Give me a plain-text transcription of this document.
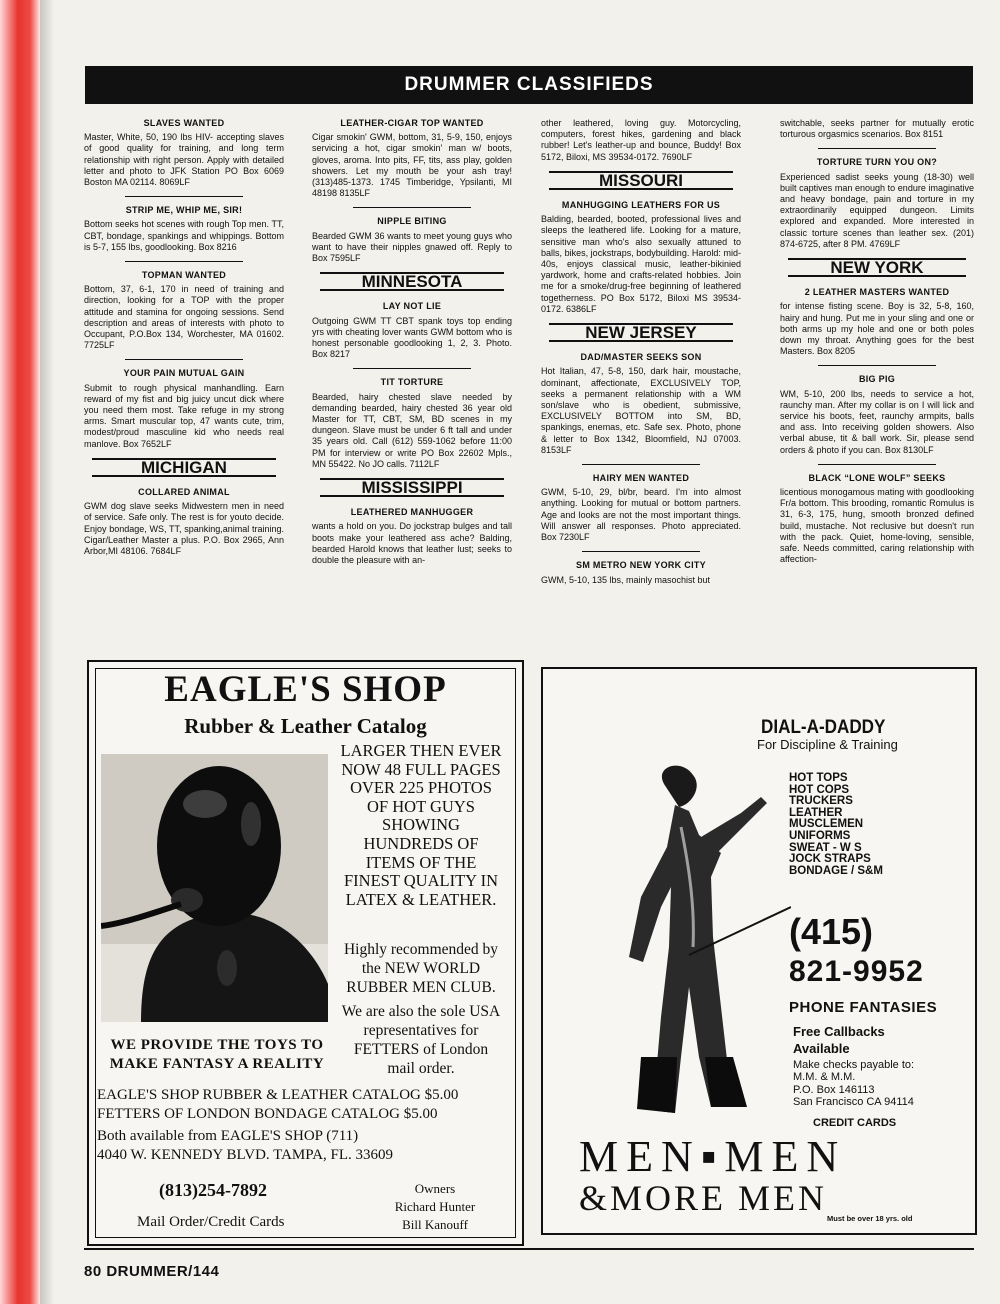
DRUMMER CLASSIFIEDS
SLAVES WANTED

Master, White, 50, 190 lbs HIV- accepting slaves of good quality for training, and long term relationship with right person. Apply with detailed letter and photo to JFK Station PO Box 6069 Boston MA 02114. 8069LF

STRIP ME, WHIP ME, SIR!

Bottom seeks hot scenes with rough Top men. TT, CBT, bondage, spankings and whippings. Bottom is 5-7, 155 lbs, goodlooking. Box 8216

TOPMAN WANTED

Bottom, 37, 6-1, 170 in need of training and direction, looking for a TOP with the proper attitude and stamina for ongoing sessions. Send description and areas of interests with photo to Occupant, P.O.Box 134, Worchester, MA 01602. 7725LF

YOUR PAIN MUTUAL GAIN

Submit to rough physical manhandling. Earn reward of my fist and big juicy uncut dick where you need them most. Take refuge in my strong arms. Smart muscular top, 47 wants cute, trim, modest/proud masculine kid who needs real manlove. Box 7652LF

MICHIGAN
COLLARED ANIMAL

GWM dog slave seeks Midwestern men in need of service. Safe only. The rest is for youto decide. Enjoy bondage, WS, TT, spanking,animal training. Cigar/Leather Master a plus. P.O. Box 2965, Ann Arbor,MI 48106. 7684LF

LEATHER-CIGAR TOP WANTED

Cigar smokin' GWM, bottom, 31, 5-9, 150, enjoys servicing a hot, cigar smokin' man w/ boots, gloves, aroma. Into pits, FF, tits, ass play, golden showers. Let my mouth be your ash tray! (313)485-1373. 1745 Timberidge, Ypsilanti, MI 48198 8135LF

NIPPLE BITING

Bearded GWM 36 wants to meet young guys who want to have their nipples gnawed off. Reply to Box 7595LF

MINNESOTA
LAY NOT LIE

Outgoing GWM TT CBT spank toys top ending yrs with cheating lover wants GWM bottom who is honest personable goodlooking 1, 2, 3. Photo. Box 8217

TIT TORTURE

Bearded, hairy chested slave needed by demanding bearded, hairy chested 36 year old Master for TT, CBT, SM, BD scenes in my dungeon. Slave must be under 6 ft tall and under 35 years old. Call (612) 559-1062 before 11:00 PM for interview or write PO Box 22602 Mpls., MN 55422. No JO calls. 7112LF

MISSISSIPPI
LEATHERED MANHUGGER

wants a hold on you. Do jockstrap bulges and tall boots make your leathered ass ache? Balding, bearded Harold knows that leather lust; seeks to double the pleasure with an-

other leathered, loving guy. Motorcycling, computers, forest hikes, gardening and black rubber! Let's leather-up and bounce, Buddy! Box 5172, Biloxi, MS 39534-0172. 7690LF

MISSOURI
MANHUGGING LEATHERS FOR US

Balding, bearded, booted, professional lives and sleeps the leathered life. Looking for a mature, sensitive man who's also sexually attuned to balls, bikes, jockstraps, bodybuilding. Harold: mid-40s, enjoys classical music, leather-bikinied yardwork, home and crafts-related hobbies. Join me for a smoke/drug-free beginning of leathered togetherness. PO Box 5172, Biloxi MS 39534-0172. 6386LF

NEW JERSEY
DAD/MASTER SEEKS SON

Hot Italian, 47, 5-8, 150, dark hair, moustache, dominant, affectionate, EXCLUSIVELY TOP, seeks a permanent relationship with a WM son/slave who is obedient, submissive, EXCLUSIVELY BOTTOM into SM, BD, spankings, enemas, etc. Safe sex. Photo, phone & letter to Box 1342, Bloomfield, NJ 07003. 8153LF

HAIRY MEN WANTED

GWM, 5-10, 29, bl/br, beard. I'm into almost anything. Looking for mutual or bottom partners. Age and looks are not the most important things. Will answer all responses. Photo appreciated. Box 7230LF

SM METRO NEW YORK CITY

GWM, 5-10, 135 lbs, mainly masochist but

switchable, seeks partner for mutually erotic torturous orgasmics scenarios. Box 8151

TORTURE TURN YOU ON?

Experienced sadist seeks young (18-30) well built captives man enough to endure imaginative and heavy bondage, pain and torture in my extraordinarily equipped dungeon. Limits explored and expanded. More interested in classic torture scenes than leather sex. (201) 874-6725, after 8 PM. 4769LF

NEW YORK
2 LEATHER MASTERS WANTED

for intense fisting scene. Boy is 32, 5-8, 160, hairy and hung. Put me in your sling and one or both arms up my hole and one or both poles down my throat. Anything goes for the best Masters. Box 8205

BIG PIG

WM, 5-10, 200 lbs, needs to service a hot, raunchy man. After my collar is on I will lick and service his boots, feet, raunchy armpits, balls and ass. Into receiving golden showers. Also verbal abuse, tit & ball work. Sir, please send orders & photo if you can. Box 8130LF

BLACK “LONE WOLF” SEEKS

licentious monogamous mating with goodlooking Fr/a bottom. This brooding, romantic Romulus is 31, 6-3, 175, hung, smooth bronzed defined build, mustache. Not reclusive but doesn't run with the pack. Quiet, home-loving, sensible, safe. Needs committed, caring relationship with affection-

EAGLE'S SHOP
Rubber & Leather Catalog
LARGER THEN EVER NOW 48 FULL PAGES OVER 225 PHOTOS OF HOT GUYS SHOWING HUNDREDS OF ITEMS OF THE FINEST QUALITY IN LATEX & LEATHER.
Highly recommended by the NEW WORLD RUBBER MEN CLUB.
We are also the sole USA representatives for FETTERS of London mail order.
WE PROVIDE THE TOYS TO
MAKE FANTASY A REALITY
EAGLE'S SHOP RUBBER & LEATHER CATALOG $5.00
FETTERS OF LONDON BONDAGE CATALOG $5.00
Both available from EAGLE'S SHOP (711)
4040 W. KENNEDY BLVD. TAMPA, FL. 33609
(813)254-7892
Mail Order/Credit Cards
Owners
Richard Hunter
Bill Kanouff
DIAL-A-DADDY
For Discipline & Training
HOT TOPS
HOT COPS
TRUCKERS
LEATHER
MUSCLEMEN
UNIFORMS
SWEAT - W S
JOCK STRAPS
BONDAGE / S&M
(415)
821-9952
PHONE FANTASIES
Free Callbacks
Available
Make checks payable to:
M.M. & M.M.
P.O. Box 146113
San Francisco CA 94114
CREDIT CARDS
MEN▪MEN
&MORE MEN
Must be over 18 yrs. old
80 DRUMMER/144
